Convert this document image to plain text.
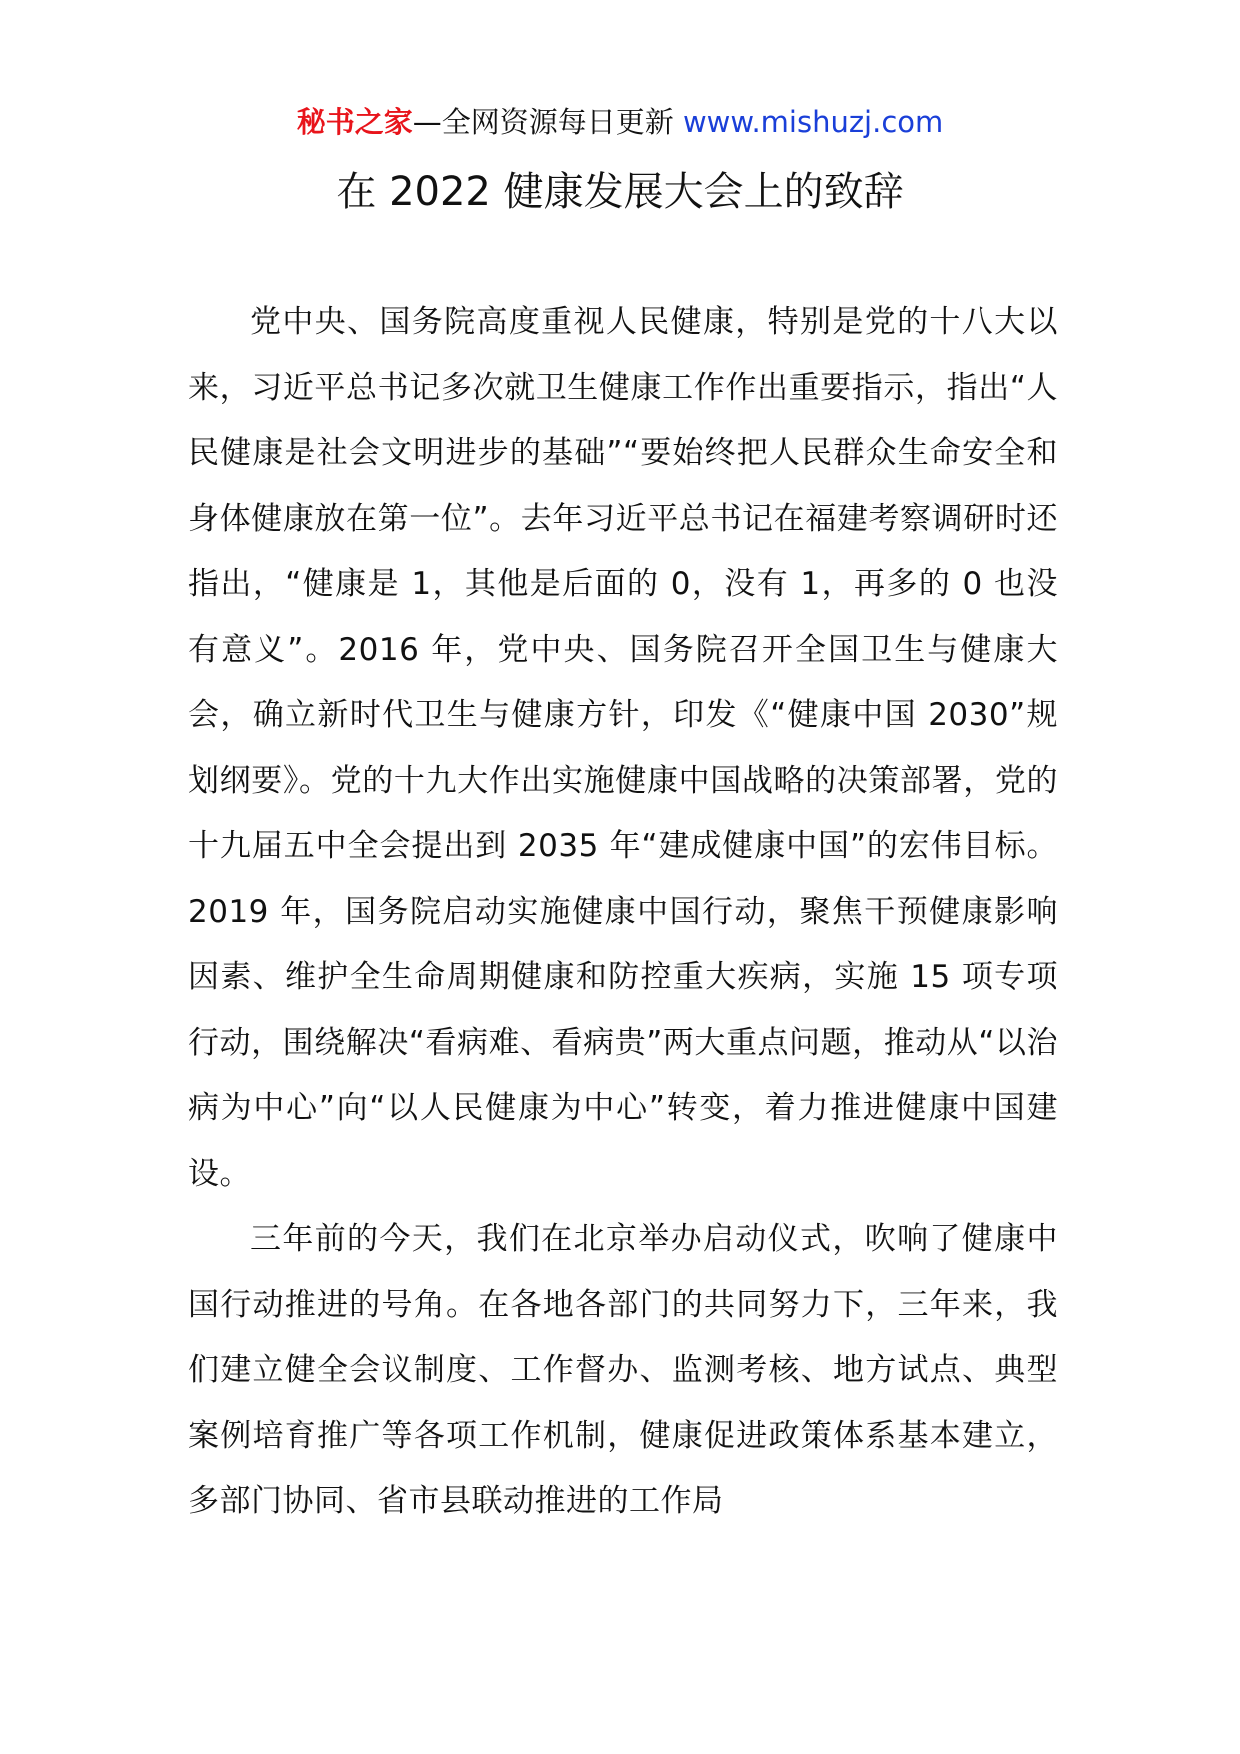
秘书之家—全网资源每日更新 www.mishuzj.com
在 2022 健康发展大会上的致辞

党中央、国务院高度重视人民健康，特别是党的十八大以来，习近平总书记多次就卫生健康工作作出重要指示，指出“人民健康是社会文明进步的基础”“要始终把人民群众生命安全和身体健康放在第一位”。去年习近平总书记在福建考察调研时还指出，“健康是 1，其他是后面的 0，没有 1，再多的 0 也没有意义”。2016 年，党中央、国务院召开全国卫生与健康大会，确立新时代卫生与健康方针，印发《“健康中国 2030”规划纲要》。党的十九大作出实施健康中国战略的决策部署，党的十九届五中全会提出到 2035 年“建成健康中国”的宏伟目标。2019 年，国务院启动实施健康中国行动，聚焦干预健康影响因素、维护全生命周期健康和防控重大疾病，实施 15 项专项行动，围绕解决“看病难、看病贵”两大重点问题，推动从“以治病为中心”向“以人民健康为中心”转变，着力推进健康中国建设。

三年前的今天，我们在北京举办启动仪式，吹响了健康中国行动推进的号角。在各地各部门的共同努力下，三年来，我们建立健全会议制度、工作督办、监测考核、地方试点、典型案例培育推广等各项工作机制，健康促进政策体系基本建立，多部门协同、省市县联动推进的工作局
